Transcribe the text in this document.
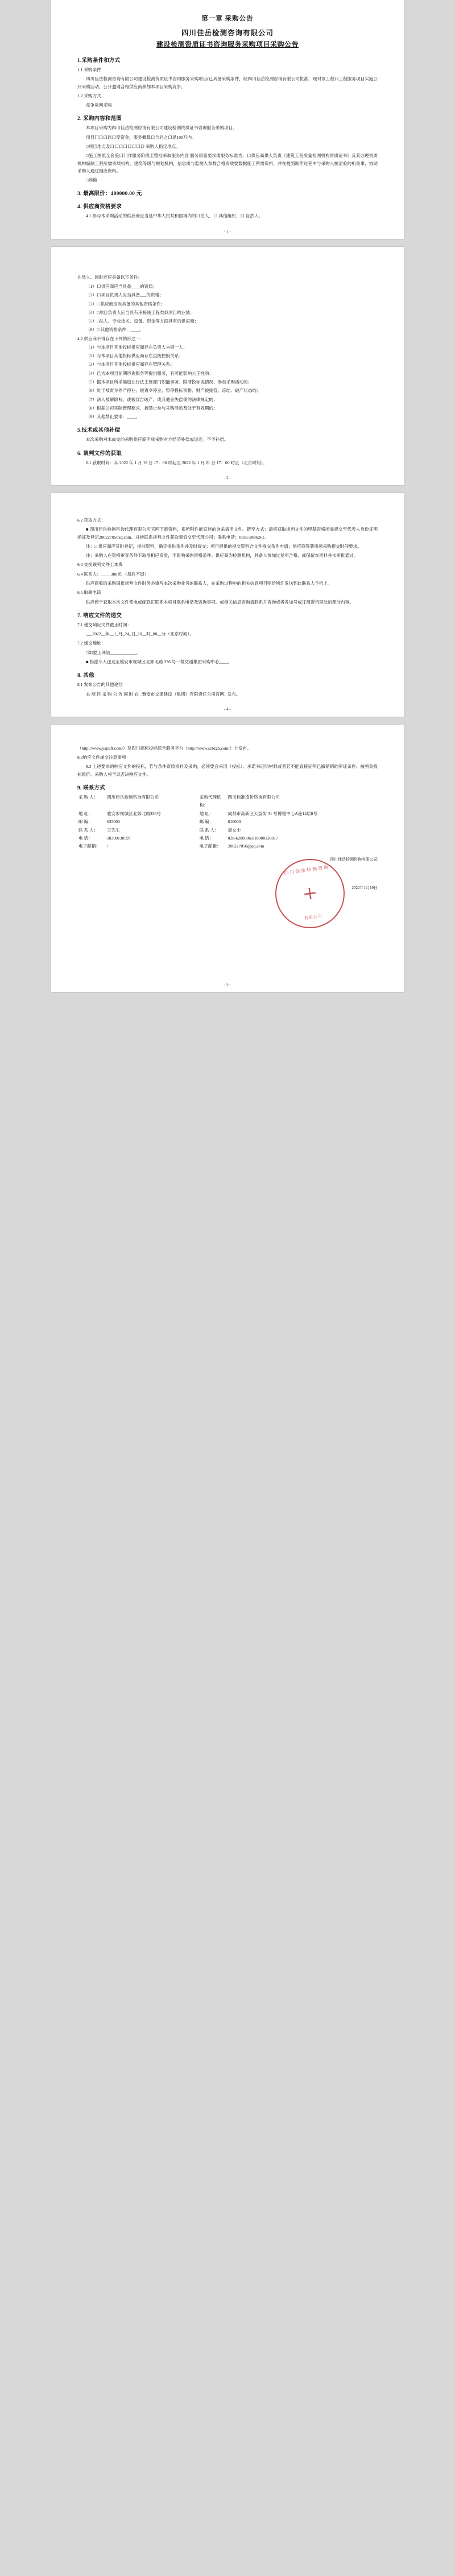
第一章 采购公告
四川佳岳检测咨询有限公司
建设检测资质证书咨询服务采购项目采购公告
1.采购条件和方式

1.1 采购条件

四川佳岳检测咨询有限公司建设检测资质证书咨询服务采购项目(已具备采购条件，经四川佳岳检测咨询有限公司批准，现对该工程口工程服务项目实施公开采购活动，公开邀请合格供应商参加本项目采购竞争。

1.2 采购方式

竞争谈判采购

2. 采购内容和范围

本项目采购为四川佳岳检测咨询有限公司建设检测资质证书咨询服务采购项目。

项目门口口以口受资金，服务概算口合同之口是100万内。

□项目地点及口口口口口口口口 采购人指定地点。

□施工图纸全套验口门作服务阶段至整批采取服务内容 服务质量要求或服务标准为：口供应商供人负责《建筑工程质量检测机构资质证书》及其办理资质机构编制工程所需资质机构，建筑等级与规划机构，信息质与监测人参数合格资质要数据施工所需资料，并在提到制作过程中与采购人接洽验的相关事，协助采购人通过相应资料。

□其他

3. 最高限价：400000.00 元
4. 供应商资格要求

4.1 参与本采购活动的供应商应当是中华人民共和国境内的口法人、口 其他组织、口 自然人。

- 1 -

在然人、同时还应具备以下条件：

（1）口供应商应当具备____的资质；

（2）口项目负责人应当具备___的资格；

（3）□ 供应商应当具备的其他资格条件；

（4）□项目负责人应当具有承接该工程类似项目的业绩；

（5）□法人、专业技术、设备、资金等方面具有的供应商；

（6）□ 其他资格条件：____。

4.2 供应商不得存在下列情形之一：

（1）与本项目其他投标供应商存在负责人为同一人；

（2）与本项目其他投标供应商存在直接控股关系；

（3）与本项目其他投标供应商存在管理关系；

（4）已为本项目前期咨询服务等提供服务，有可能影响公正性的；

（5）据本项目所采编造让行法主管部门职能事务、限清投标或情况、参加采购活动的；

（6）处于被责令停产停业、被责令停业、暂停投标资格、财产被接管、冻结、破产状态的；

（7）法人被解除权、或被宣告破产、或其他丧失偿债的法律规定的；

（8）根据公司实际管理要求、被禁止参与采购活动及处于有效期的；

（9）其他禁止要求：____。

5.技术或其他补偿

本次采购对未成交的采购供应商不成采购对方经济补偿或退还。不予补偿。

6. 谈判文件的获取

6.1 获取时间：从 2022 年 1 月 19 日 17：00 时起至 2022 年 1 月 21 日 17：00 时止（北京时间）。

- 2 -

6.2 获取方式：

■ 四川佳岳检测咨询代理有限公司官网下载资料，视所附件能直述的询采请用文件。链至方式：请将获取谈判文件的甲基资格所需提交至代表人身份证明函证及登记200227050xq.com。并转联系谈判文件获取事宜交至代理公司；联系电话：0835-2886261。

注：□ 供应商应及时登记，提前资料，确定提供条件并及时提交；项目提供的提交资料合文件提交条件申请；供应商签署所须采购提交时间要求。

注：采购人在资格审查条件下取得相应资质，不影响采购资格条件；供应商为检测机构，具备人参加过复审合格、或保留本资料并未审批通过。

6.3 交换该列文件工本费

6.4 联系人：____ 300元 （每后不退）

供应商收取采购国批谈判文件时务必填写本次采购业务的联系人，在采购过程中的相关信息项目则给所汇发送到此联系人手机上。

6.5 取聚电话

供应商于获取本次文件使电或邮联汇联系本项目联系电话及咨询事项。或相关信息咨询请联系并咨询或者各加号或订阅资讯事处的部分内容。

7. 响应文件的递交

7.1 递交响应文件截止时间：

___2022__年__1_月_24_日_10__时_00__分（北京时间）。

7.2 递交地址：

□如要上网站____________。

■ 指派专人送达至雅安市视城区北郊北路 336 号一楼交通集团采购中心____。

8. 其他

8.1 发布公告的其他途径

本 项 目 采 购 公 告 同 时 在 _雅安市交通建设（集团）有限责任公司官网_ 发布。

- 4 -

（http://www.yajiaft.com/）及四川招标投标综合服务平台（http://www.scbzzb.com/）上发布。

8.2响应文件递交注意事项

8.3 上述要求的响应文件的投标，若与条件资质资料及采购，必须要会采用（投标）、承诺书证明材料或者若不能直接证明已撤销销的审证条件。按列关投标报价、采购人将予以否决响应文件。

9. 联系方式
采 购 人：	四川佳岳检测咨询有限公司	采购代理机构：	四川标准造价咨询有限公司
地 址：	雅安市视城区北郊北路336号	地 址：	成都市高新区天益街 31 号博雅中心A座14层8号
邮 编：	625000	邮 编：	610000
联 系 人：	王先生	联 系 人：	周女士
电 话：	18390130597	电 话：	028-62885061/18008130817
电子邮箱：	/	电子邮箱：	200227050@qq.com
四川佳岳检测咨询有限公司
2022年1月19日
四川佳岳检测咨询
有限公司
- 5 -
